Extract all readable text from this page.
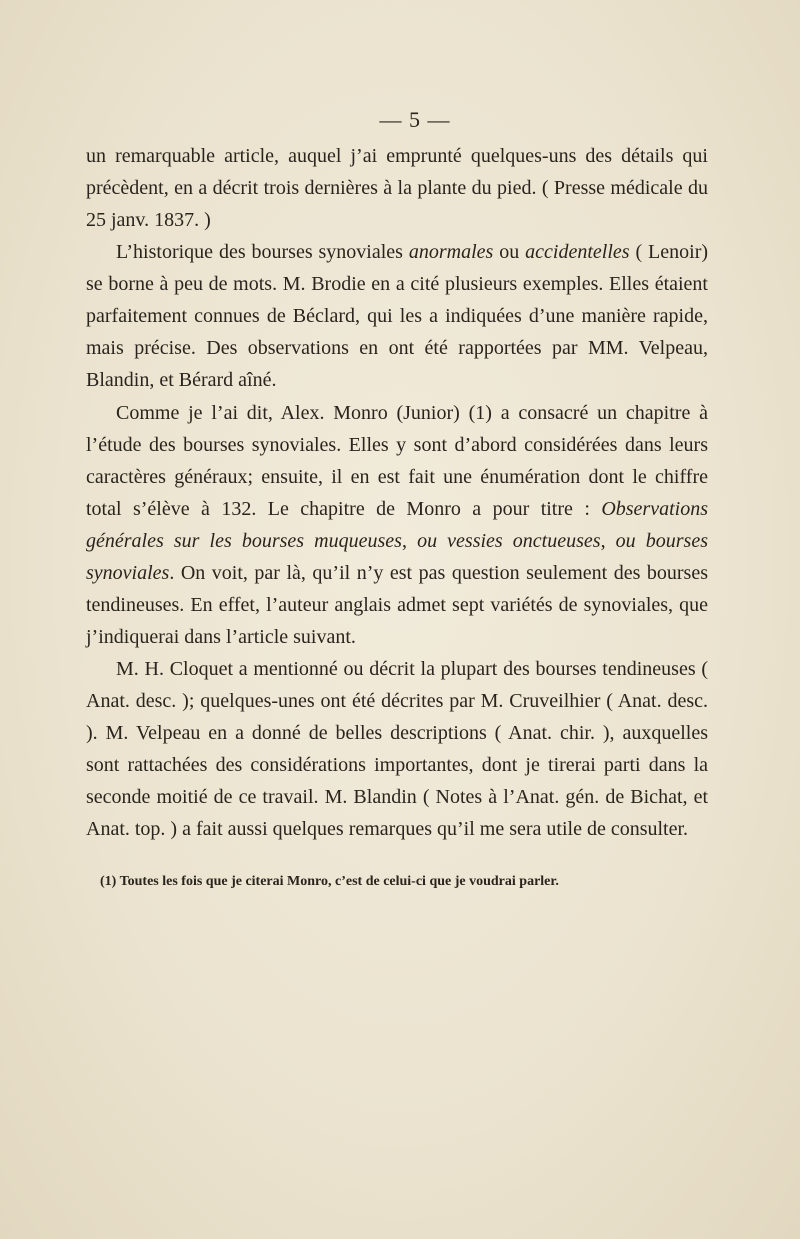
— 5 —

un remarquable article, auquel j’ai emprunté quelques-uns des détails qui précèdent, en a décrit trois dernières à la plante du pied. ( Presse médicale du 25 janv. 1837. )

L’historique des bourses synoviales anormales ou accidentelles ( Lenoir) se borne à peu de mots. M. Brodie en a cité plusieurs exemples. Elles étaient parfaitement connues de Béclard, qui les a indiquées d’une manière rapide, mais précise. Des observations en ont été rapportées par MM. Velpeau, Blandin, et Bérard aîné.

Comme je l’ai dit, Alex. Monro (Junior) (1) a consacré un chapitre à l’étude des bourses synoviales. Elles y sont d’abord considérées dans leurs caractères généraux; ensuite, il en est fait une énumération dont le chiffre total s’élève à 132. Le chapitre de Monro a pour titre : Observations générales sur les bourses muqueuses, ou vessies onctueuses, ou bourses synoviales. On voit, par là, qu’il n’y est pas question seulement des bourses tendineuses. En effet, l’auteur anglais admet sept variétés de synoviales, que j’indiquerai dans l’article suivant.

M. H. Cloquet a mentionné ou décrit la plupart des bourses tendineuses ( Anat. desc. ); quelques-unes ont été décrites par M. Cruveilhier ( Anat. desc. ). M. Velpeau en a donné de belles descriptions ( Anat. chir. ), auxquelles sont rattachées des considérations importantes, dont je tirerai parti dans la seconde moitié de ce travail. M. Blandin ( Notes à l’Anat. gén. de Bichat, et Anat. top. ) a fait aussi quelques remarques qu’il me sera utile de consulter.

(1) Toutes les fois que je citerai Monro, c’est de celui-ci que je voudrai parler.
